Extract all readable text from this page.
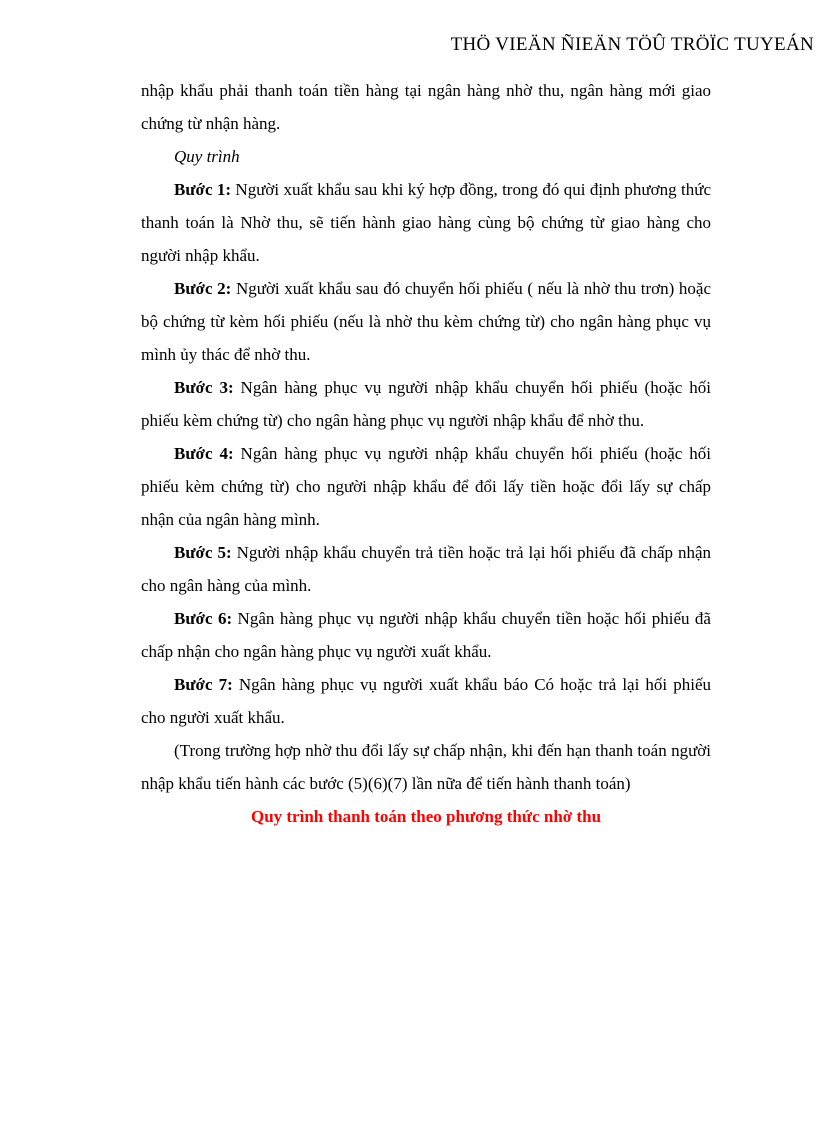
THÖ VIEÄN ÑIEÄN TÖÛ TRÖÏC TUYEÁN

nhập khẩu phải thanh toán tiền hàng tại ngân hàng nhờ thu, ngân hàng mới giao chứng từ nhận hàng.

Quy trình

Bước 1: Người xuất khẩu sau khi ký hợp đồng, trong đó qui định phương thức thanh toán là Nhờ thu, sẽ tiến hành giao hàng cùng bộ chứng từ giao hàng cho người nhập khẩu.

Bước 2: Người xuất khẩu sau đó chuyển hối phiếu ( nếu là nhờ thu trơn) hoặc bộ chứng từ kèm hối phiếu (nếu là nhờ thu kèm chứng từ) cho ngân hàng phục vụ mình ủy thác để nhờ thu.

Bước 3: Ngân hàng phục vụ người nhập khẩu chuyển hối phiếu (hoặc hối phiếu kèm chứng từ) cho ngân hàng phục vụ người nhập khẩu để nhờ thu.

Bước 4: Ngân hàng phục vụ người nhập khẩu chuyển hối phiếu (hoặc hối phiếu kèm chứng từ) cho người nhập khẩu để đổi lấy tiền hoặc đổi lấy sự chấp nhận của ngân hàng mình.

Bước 5: Người nhập khẩu chuyển trả tiền hoặc trả lại hối phiếu đã chấp nhận cho ngân hàng của mình.

Bước 6: Ngân hàng phục vụ người nhập khẩu chuyển tiền hoặc hối phiếu đã chấp nhận cho ngân hàng phục vụ người xuất khẩu.

Bước 7: Ngân hàng phục vụ người xuất khẩu báo Có hoặc trả lại hối phiếu cho người xuất khẩu.

(Trong trường hợp nhờ thu đổi lấy sự chấp nhận, khi đến hạn thanh toán người nhập khẩu tiến hành các bước (5)(6)(7) lần nữa để tiến hành thanh toán)

Quy trình thanh toán theo phương thức nhờ thu
